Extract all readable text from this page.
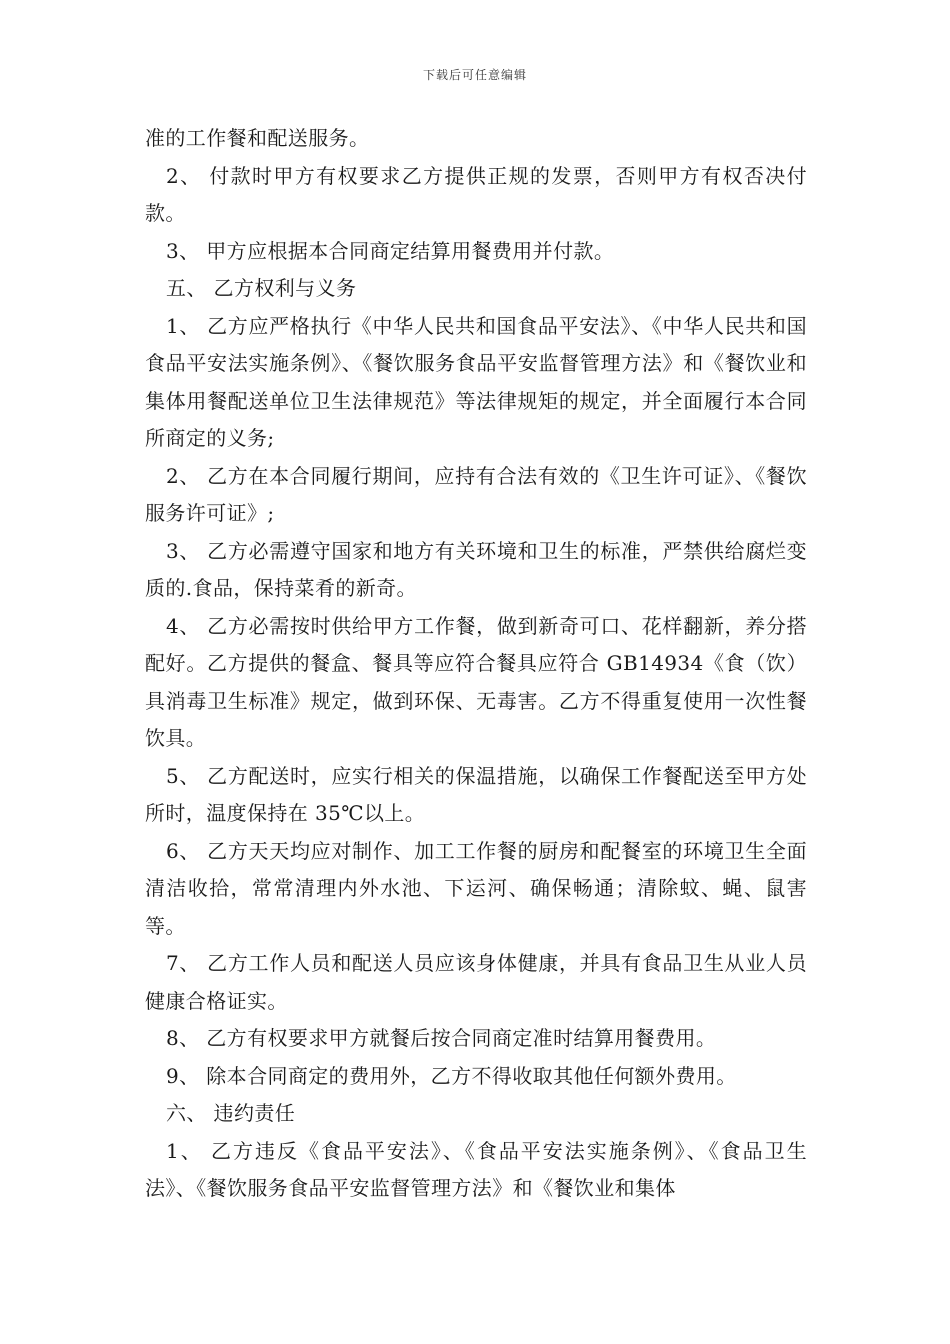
下载后可任意编辑

准的工作餐和配送服务。

2、 付款时甲方有权要求乙方提供正规的发票，否则甲方有权否决付款。

3、 甲方应根据本合同商定结算用餐费用并付款。

五、 乙方权利与义务

1、 乙方应严格执行《中华人民共和国食品平安法》、《中华人民共和国食品平安法实施条例》、《餐饮服务食品平安监督管理方法》和《餐饮业和集体用餐配送单位卫生法律规范》等法律规矩的规定，并全面履行本合同所商定的义务;

2、 乙方在本合同履行期间，应持有合法有效的《卫生许可证》、《餐饮服务许可证》;

3、 乙方必需遵守国家和地方有关环境和卫生的标准，严禁供给腐烂变质的.食品，保持菜肴的新奇。

4、 乙方必需按时供给甲方工作餐，做到新奇可口、花样翻新，养分搭配好。乙方提供的餐盒、餐具等应符合餐具应符合 GB14934《食（饮）具消毒卫生标准》规定，做到环保、无毒害。乙方不得重复使用一次性餐饮具。

5、 乙方配送时，应实行相关的保温措施，以确保工作餐配送至甲方处所时，温度保持在 35℃以上。

6、 乙方天天均应对制作、加工工作餐的厨房和配餐室的环境卫生全面清洁收拾，常常清理内外水池、下运河、确保畅通；清除蚊、蝇、鼠害等。

7、 乙方工作人员和配送人员应该身体健康，并具有食品卫生从业人员健康合格证实。

8、 乙方有权要求甲方就餐后按合同商定准时结算用餐费用。

9、 除本合同商定的费用外，乙方不得收取其他任何额外费用。

六、 违约责任

1、 乙方违反《食品平安法》、《食品平安法实施条例》、《食品卫生法》、《餐饮服务食品平安监督管理方法》和《餐饮业和集体
